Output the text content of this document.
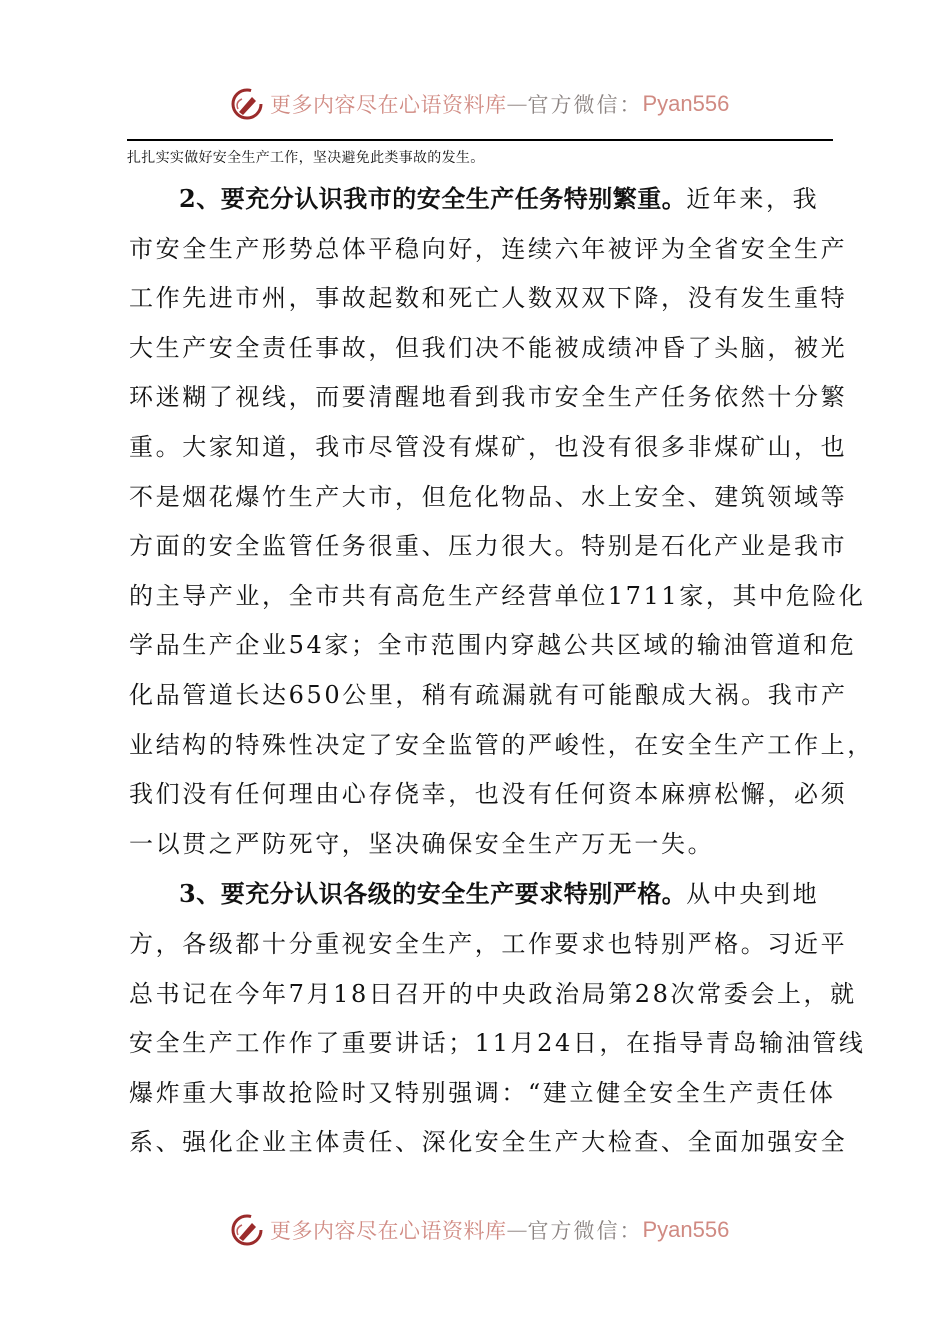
更多内容尽在心语资料库 — 官方微信： Pyan556
扎扎实实做好安全生产工作，坚决避免此类事故的发生。
2、要充分认识我市的安全生产任务特别繁重。近年来，我
市安全生产形势总体平稳向好，连续六年被评为全省安全生产
工作先进市州，事故起数和死亡人数双双下降，没有发生重特
大生产安全责任事故，但我们决不能被成绩冲昏了头脑，被光
环迷糊了视线，而要清醒地看到我市安全生产任务依然十分繁
重。大家知道，我市尽管没有煤矿，也没有很多非煤矿山，也
不是烟花爆竹生产大市，但危化物品、水上安全、建筑领域等
方面的安全监管任务很重、压力很大。特别是石化产业是我市
的主导产业，全市共有高危生产经营单位1711家，其中危险化
学品生产企业54家；全市范围内穿越公共区域的输油管道和危
化品管道长达650公里，稍有疏漏就有可能酿成大祸。我市产
业结构的特殊性决定了安全监管的严峻性，在安全生产工作上，
我们没有任何理由心存侥幸，也没有任何资本麻痹松懈，必须
一以贯之严防死守，坚决确保安全生产万无一失。
3、要充分认识各级的安全生产要求特别严格。从中央到地
方，各级都十分重视安全生产，工作要求也特别严格。习近平
总书记在今年7月18日召开的中央政治局第28次常委会上，就
安全生产工作作了重要讲话；11月24日，在指导青岛输油管线
爆炸重大事故抢险时又特别强调：“建立健全安全生产责任体
系、强化企业主体责任、深化安全生产大检查、全面加强安全
更多内容尽在心语资料库 — 官方微信： Pyan556
